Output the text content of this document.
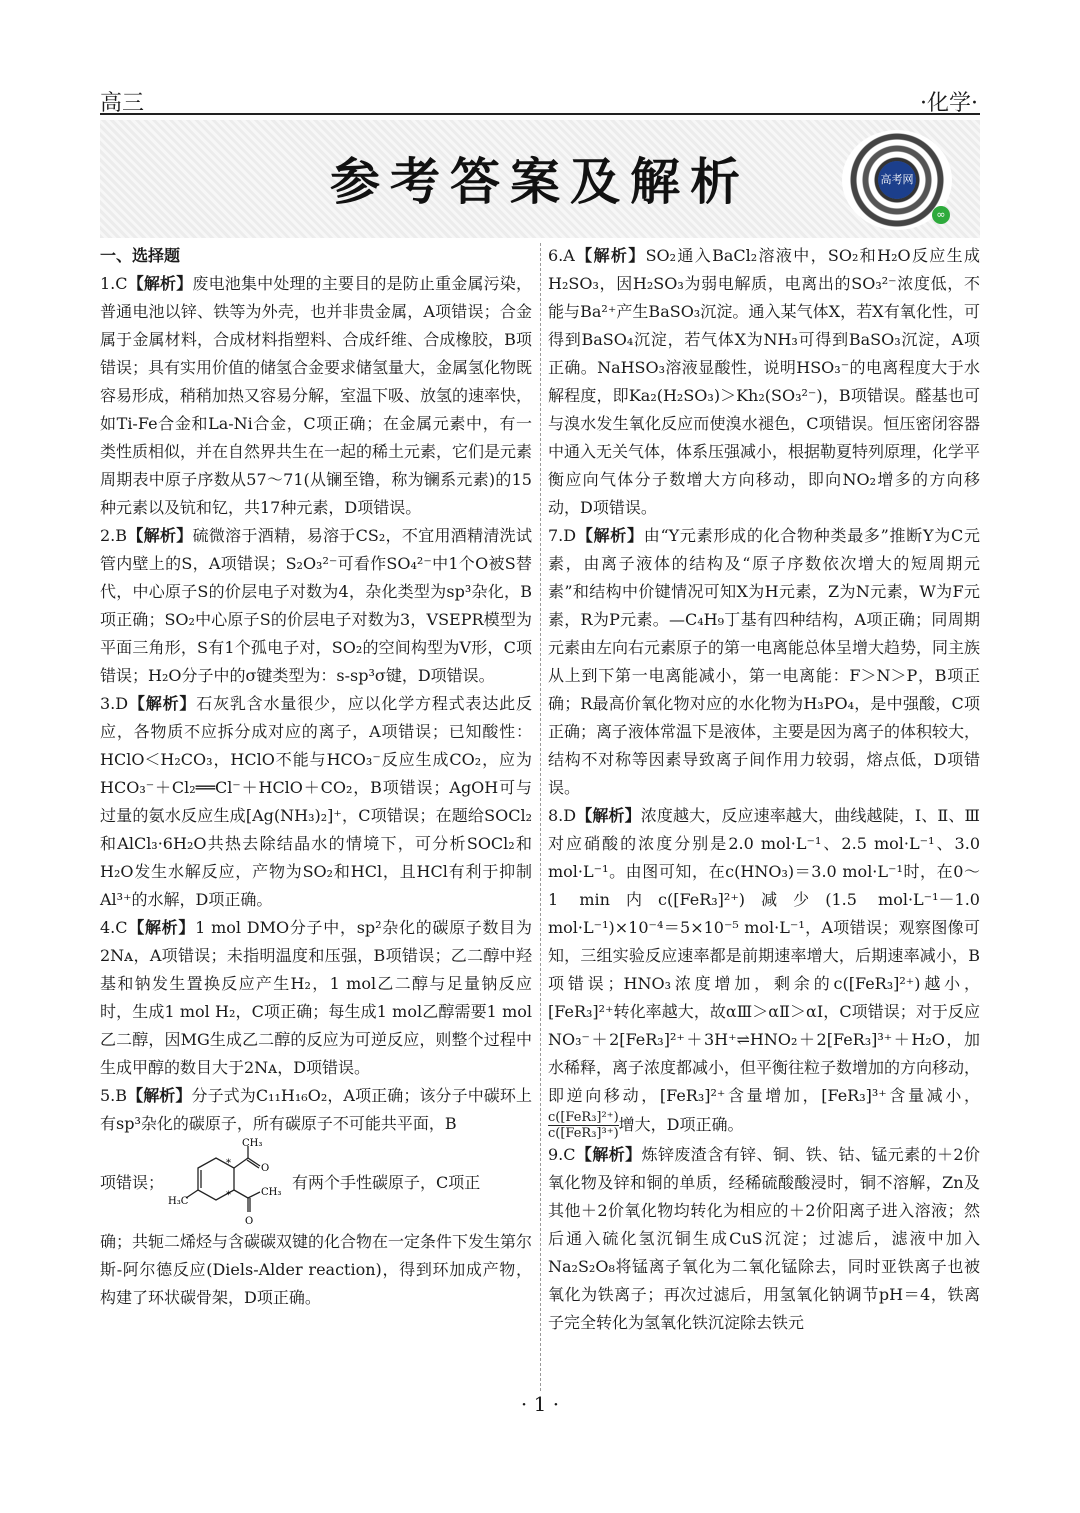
高三	·化学·
参考答案及解析	高考网
∞

一、选择题

1.C【解析】废电池集中处理的主要目的是防止重金属污染，普通电池以锌、铁等为外壳，也并非贵金属，A项错误；合金属于金属材料，合成材料指塑料、合成纤维、合成橡胶，B项错误；具有实用价值的储氢合金要求储氢量大，金属氢化物既容易形成，稍稍加热又容易分解，室温下吸、放氢的速率快，如Ti-Fe合金和La-Ni合金，C项正确；在金属元素中，有一类性质相似，并在自然界共生在一起的稀土元素，它们是元素周期表中原子序数从57～71(从镧至镥，称为镧系元素)的15种元素以及钪和钇，共17种元素，D项错误。

2.B【解析】硫微溶于酒精，易溶于CS₂，不宜用酒精清洗试管内壁上的S，A项错误；S₂O₃²⁻可看作SO₄²⁻中1个O被S替代，中心原子S的价层电子对数为4，杂化类型为sp³杂化，B项正确；SO₂中心原子S的价层电子对数为3，VSEPR模型为平面三角形，S有1个孤电子对，SO₂的空间构型为V形，C项错误；H₂O分子中的σ键类型为：s-sp³σ键，D项错误。

3.D【解析】石灰乳含水量很少，应以化学方程式表达此反应，各物质不应拆分成对应的离子，A项错误；已知酸性：HClO＜H₂CO₃，HClO不能与HCO₃⁻反应生成CO₂，应为HCO₃⁻＋Cl₂══Cl⁻＋HClO＋CO₂，B项错误；AgOH可与过量的氨水反应生成[Ag(NH₃)₂]⁺，C项错误；在题给SOCl₂和AlCl₃·6H₂O共热去除结晶水的情境下，可分析SOCl₂和H₂O发生水解反应，产物为SO₂和HCl，且HCl有利于抑制Al³⁺的水解，D项正确。

4.C【解析】1 mol DMO分子中，sp²杂化的碳原子数目为2Nᴀ，A项错误；未指明温度和压强，B项错误；乙二醇中羟基和钠发生置换反应产生H₂，1 mol乙二醇与足量钠反应时，生成1 mol H₂，C项正确；每生成1 mol乙醇需要1 mol乙二醇，因MG生成乙二醇的反应为可逆反应，则整个过程中生成甲醇的数目大于2Nᴀ，D项错误。

5.B【解析】分子式为C₁₁H₁₆O₂，A项正确；该分子中碳环上有sp³杂化的碳原子，所有碳原子不可能共平面，B
项错误；
CH₃
O
CH₃
O
H₃C
*
*
有两个手性碳原子，C项正
确；共轭二烯烃与含碳碳双键的化合物在一定条件下发生第尔斯-阿尔德反应(Diels-Alder reaction)，得到环加成产物，构建了环状碳骨架，D项正确。

6.A【解析】SO₂通入BaCl₂溶液中，SO₂和H₂O反应生成H₂SO₃，因H₂SO₃为弱电解质，电离出的SO₃²⁻浓度低，不能与Ba²⁺产生BaSO₃沉淀。通入某气体X，若X有氧化性，可得到BaSO₄沉淀，若气体X为NH₃可得到BaSO₃沉淀，A项正确。NaHSO₃溶液显酸性，说明HSO₃⁻的电离程度大于水解程度，即Ka₂(H₂SO₃)＞Kh₂(SO₃²⁻)，B项错误。醛基也可与溴水发生氧化反应而使溴水褪色，C项错误。恒压密闭容器中通入无关气体，体系压强减小，根据勒夏特列原理，化学平衡应向气体分子数增大方向移动，即向NO₂增多的方向移动，D项错误。

7.D【解析】由“Y元素形成的化合物种类最多”推断Y为C元素，由离子液体的结构及“原子序数依次增大的短周期元素”和结构中价键情况可知X为H元素，Z为N元素，W为F元素，R为P元素。—C₄H₉丁基有四种结构，A项正确；同周期元素由左向右元素原子的第一电离能总体呈增大趋势，同主族从上到下第一电离能减小，第一电离能：F＞N＞P，B项正确；R最高价氧化物对应的水化物为H₃PO₄，是中强酸，C项正确；离子液体常温下是液体，主要是因为离子的体积较大，结构不对称等因素导致离子间作用力较弱，熔点低，D项错误。

8.D【解析】浓度越大，反应速率越大，曲线越陡，Ⅰ、Ⅱ、Ⅲ对应硝酸的浓度分别是2.0 mol·L⁻¹、2.5 mol·L⁻¹、3.0 mol·L⁻¹。由图可知，在c(HNO₃)＝3.0 mol·L⁻¹时，在0～1 min内c([FeR₃]²⁺)减少(1.5 mol·L⁻¹－1.0 mol·L⁻¹)×10⁻⁴＝5×10⁻⁵ mol·L⁻¹，A项错误；观察图像可知，三组实验反应速率都是前期速率增大，后期速率减小，B项错误；HNO₃浓度增加，剩余的c([FeR₃]²⁺)越小，[FeR₃]²⁺转化率越大，故αⅢ＞αⅡ＞αⅠ，C项错误；对于反应NO₃⁻＋2[FeR₃]²⁺＋3H⁺⇌HNO₂＋2[FeR₃]³⁺＋H₂O，加水稀释，离子浓度都减小，但平衡往粒子数增加的方向移动，即逆向移动，[FeR₃]²⁺含量增加，[FeR₃]³⁺含量减小，
c([FeR₃]²⁺)
c([FeR₃]³⁺) 增大，D项正确。

9.C【解析】炼锌废渣含有锌、铜、铁、钴、锰元素的＋2价氧化物及锌和铜的单质，经稀硫酸酸浸时，铜不溶解，Zn及其他＋2价氧化物均转化为相应的＋2价阳离子进入溶液；然后通入硫化氢沉铜生成CuS沉淀；过滤后，滤液中加入Na₂S₂O₈将锰离子氧化为二氧化锰除去，同时亚铁离子也被氧化为铁离子；再次过滤后，用氢氧化钠调节pH＝4，铁离子完全转化为氢氧化铁沉淀除去铁元

· 1 ·
